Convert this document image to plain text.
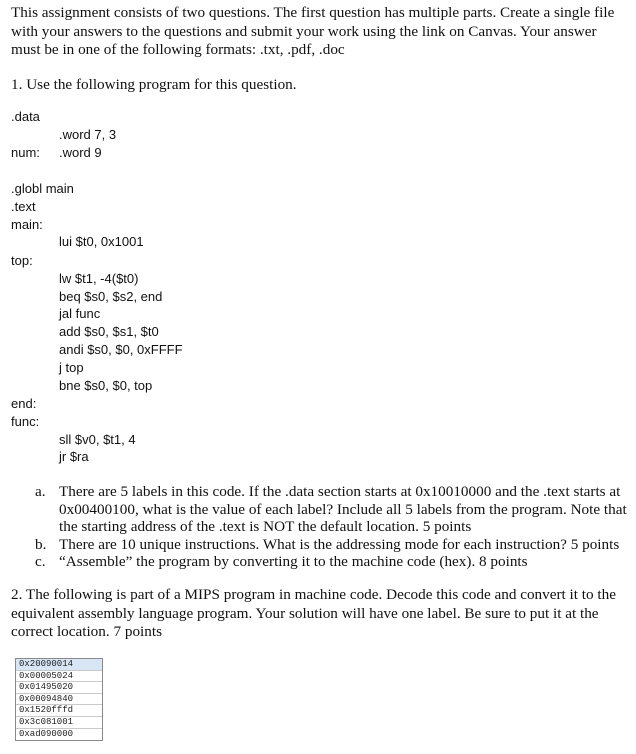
This assignment consists of two questions. The first question has multiple parts. Create a single file with your answers to the questions and submit your work using the link on Canvas. Your answer must be in one of the following formats: .txt, .pdf, .doc
1. Use the following program for this question.
.data
.word 7, 3
num: .word 9
.globl main
.text
main:
lui $t0, 0x1001
top:
lw $t1, -4($t0)
beq $s0, $s2, end
jal func
add $s0, $s1, $t0
andi $s0, $0, 0xFFFF
j top
bne $s0, $0, top
end:
func:
sll $v0, $t1, 4
jr $ra
a. There are 5 labels in this code. If the .data section starts at 0x10010000 and the .text starts at 0x00400100, what is the value of each label? Include all 5 labels from the program. Note that the starting address of the .text is NOT the default location. 5 points
b. There are 10 unique instructions. What is the addressing mode for each instruction? 5 points
c. “Assemble” the program by converting it to the machine code (hex). 8 points
2. The following is part of a MIPS program in machine code. Decode this code and convert it to the equivalent assembly language program. Your solution will have one label. Be sure to put it at the correct location. 7 points
0x20090014
0x00005024
0x01495020
0x00094840
0x1520fffd
0x3c081001
0xad090000
